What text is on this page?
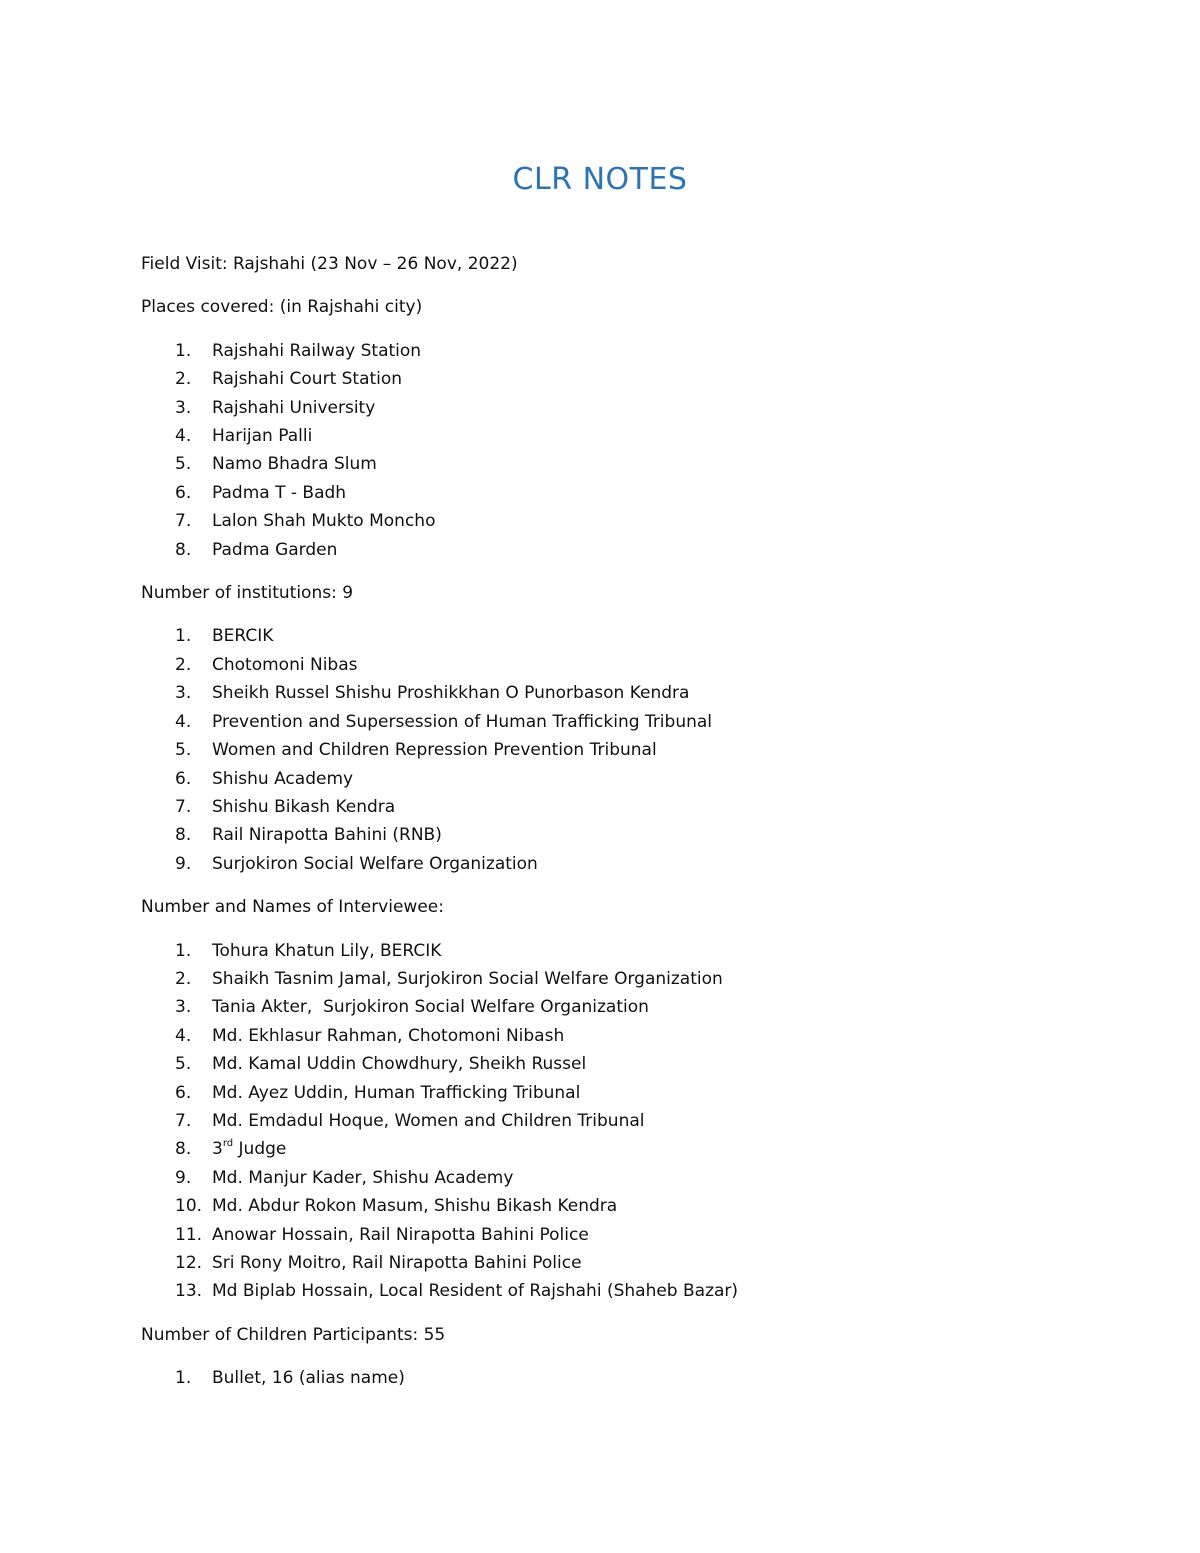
CLR NOTES

Field Visit: Rajshahi (23 Nov – 26 Nov, 2022)

Places covered: (in Rajshahi city)

1. Rajshahi Railway Station
2. Rajshahi Court Station
3. Rajshahi University
4. Harijan Palli
5. Namo Bhadra Slum
6. Padma T - Badh
7. Lalon Shah Mukto Moncho
8. Padma Garden

Number of institutions: 9

1. BERCIK
2. Chotomoni Nibas
3. Sheikh Russel Shishu Proshikkhan O Punorbason Kendra
4. Prevention and Supersession of Human Trafficking Tribunal
5. Women and Children Repression Prevention Tribunal
6. Shishu Academy
7. Shishu Bikash Kendra
8. Rail Nirapotta Bahini (RNB)
9. Surjokiron Social Welfare Organization

Number and Names of Interviewee:

1. Tohura Khatun Lily, BERCIK
2. Shaikh Tasnim Jamal, Surjokiron Social Welfare Organization
3. Tania Akter,  Surjokiron Social Welfare Organization
4. Md. Ekhlasur Rahman, Chotomoni Nibash
5. Md. Kamal Uddin Chowdhury, Sheikh Russel
6. Md. Ayez Uddin, Human Trafficking Tribunal
7. Md. Emdadul Hoque, Women and Children Tribunal
8. 3rd Judge
9. Md. Manjur Kader, Shishu Academy
10. Md. Abdur Rokon Masum, Shishu Bikash Kendra
11. Anowar Hossain, Rail Nirapotta Bahini Police
12. Sri Rony Moitro, Rail Nirapotta Bahini Police
13. Md Biplab Hossain, Local Resident of Rajshahi (Shaheb Bazar)

Number of Children Participants: 55

1. Bullet, 16 (alias name)
